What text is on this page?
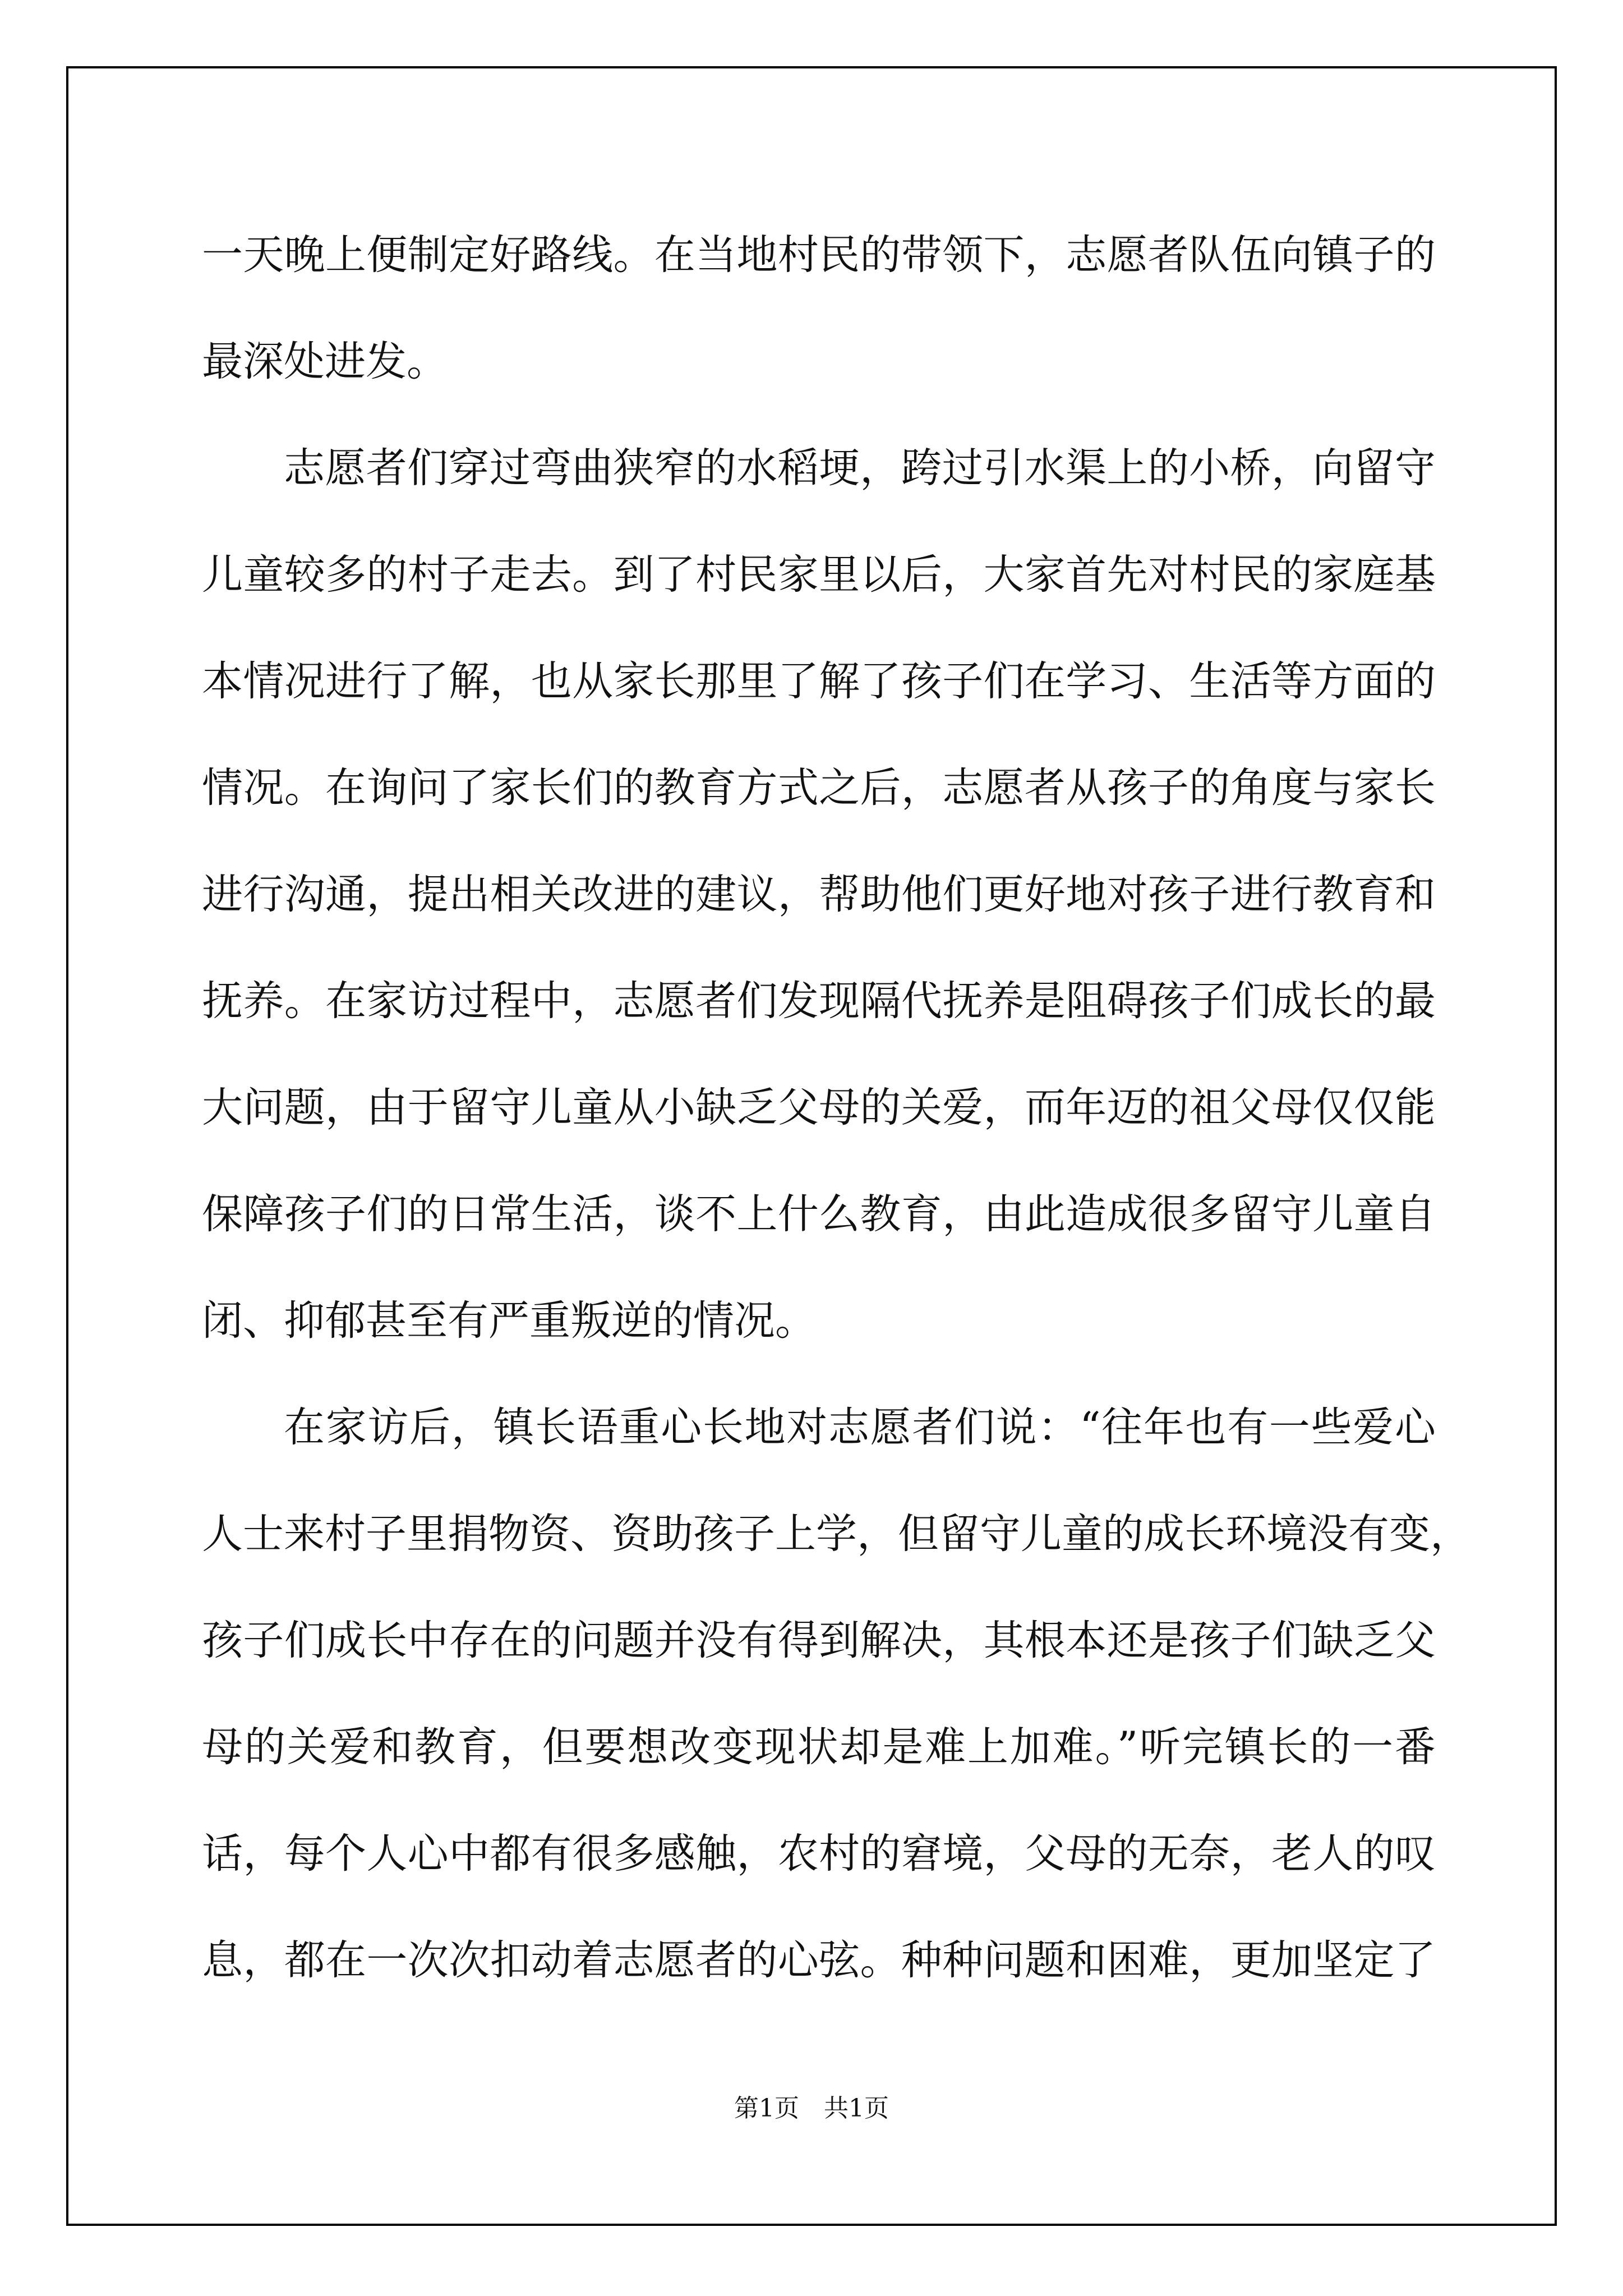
一天晚上便制定好路线。在当地村民的带领下，志愿者队伍向镇子的
最深处进发。
志愿者们穿过弯曲狭窄的水稻埂，跨过引水渠上的小桥，向留守
儿童较多的村子走去。到了村民家里以后，大家首先对村民的家庭基
本情况进行了解，也从家长那里了解了孩子们在学习、生活等方面的
情况。在询问了家长们的教育方式之后，志愿者从孩子的角度与家长
进行沟通，提出相关改进的建议，帮助他们更好地对孩子进行教育和
抚养。在家访过程中，志愿者们发现隔代抚养是阻碍孩子们成长的最
大问题，由于留守儿童从小缺乏父母的关爱，而年迈的祖父母仅仅能
保障孩子们的日常生活，谈不上什么教育，由此造成很多留守儿童自
闭、抑郁甚至有严重叛逆的情况。
在家访后，镇长语重心长地对志愿者们说：“往年也有一些爱心
人士来村子里捐物资、资助孩子上学，但留守儿童的成长环境没有变，
孩子们成长中存在的问题并没有得到解决，其根本还是孩子们缺乏父
母的关爱和教育，但要想改变现状却是难上加难。”听完镇长的一番
话，每个人心中都有很多感触，农村的窘境，父母的无奈，老人的叹
息，都在一次次扣动着志愿者的心弦。种种问题和困难，更加坚定了
第1页　共1页
